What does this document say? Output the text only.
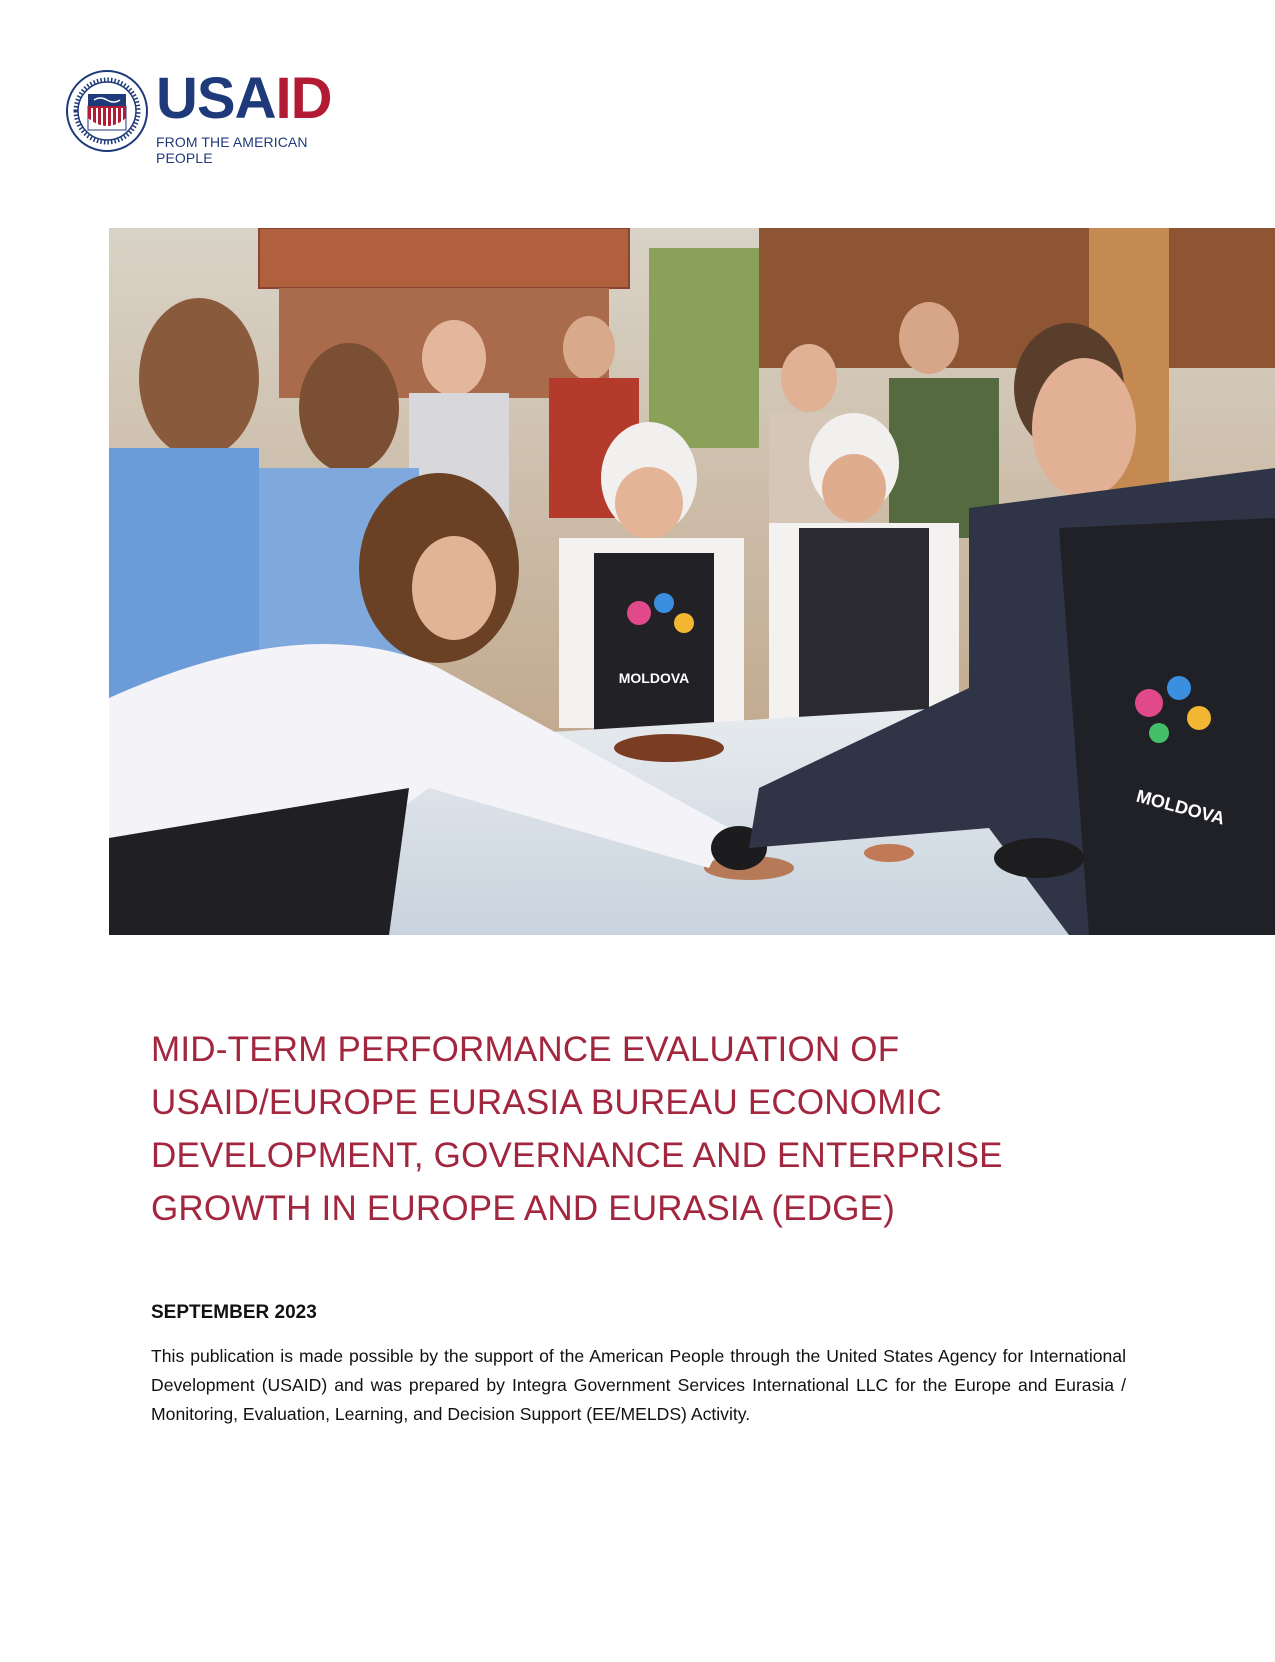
USAID
FROM THE AMERICAN PEOPLE
MOLDOVA
MOLDOVA
MID-TERM PERFORMANCE EVALUATION OF
USAID/EUROPE EURASIA BUREAU ECONOMIC
DEVELOPMENT, GOVERNANCE AND ENTERPRISE
GROWTH IN EUROPE AND EURASIA (EDGE)
SEPTEMBER 2023
This publication is made possible by the support of the American People through the United States Agency for International Development (USAID) and was prepared by Integra Government Services International LLC for the Europe and Eurasia / Monitoring, Evaluation, Learning, and Decision Support (EE/MELDS) Activity.
